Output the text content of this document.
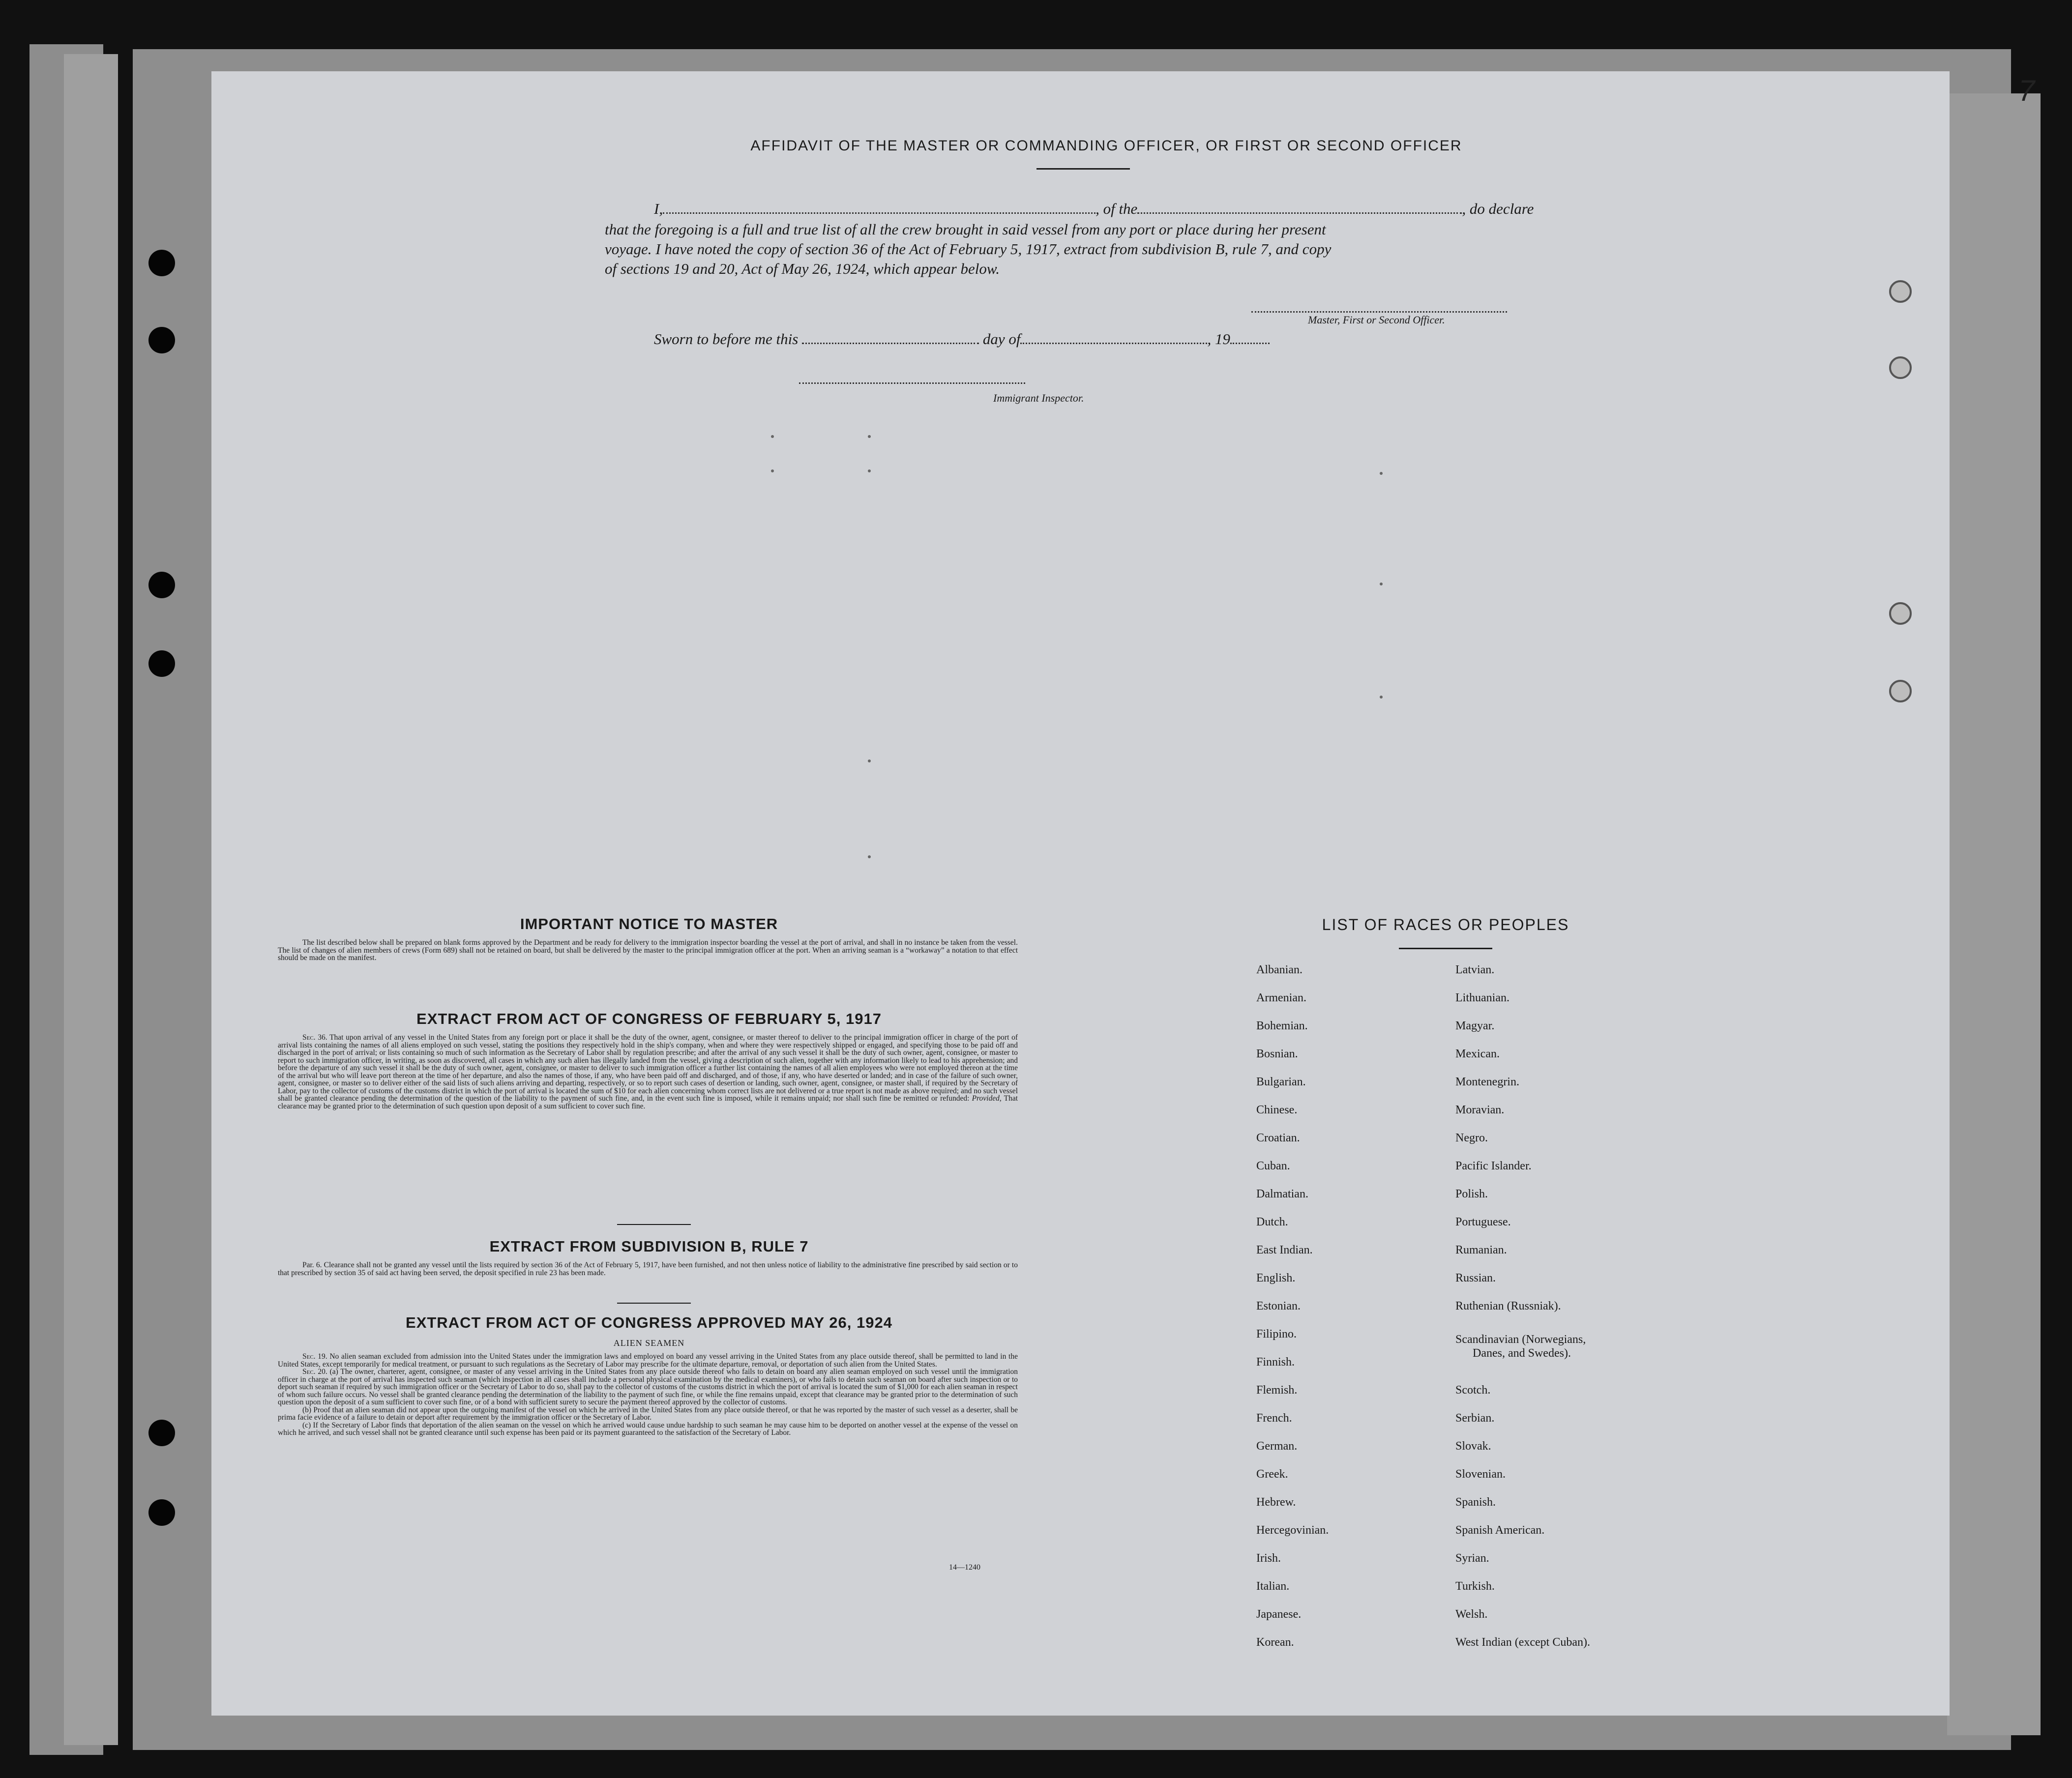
7
AFFIDAVIT OF THE MASTER OR COMMANDING OFFICER, OR FIRST OR SECOND OFFICER
I,	, of the	, do declare
that the foregoing is a full and true list of all the crew brought in said vessel from any port or place during her present
voyage. I have noted the copy of section 36 of the Act of February 5, 1917, extract from subdivision B, rule 7, and copy
of sections 19 and 20, Act of May 26, 1924, which appear below.
Master, First or Second Officer.
Sworn to before me this	day of	, 19
Immigrant Inspector.
IMPORTANT NOTICE TO MASTER
The list described below shall be prepared on blank forms approved by the Department and be ready for delivery to the immigration inspector boarding the vessel at the port of arrival, and shall in no instance be taken from the vessel. The list of changes of alien members of crews (Form 689) shall not be retained on board, but shall be delivered by the master to the principal immigration officer at the port. When an arriving seaman is a “workaway” a notation to that effect should be made on the manifest.
EXTRACT FROM ACT OF CONGRESS OF FEBRUARY 5, 1917
Sec. 36. That upon arrival of any vessel in the United States from any foreign port or place it shall be the duty of the owner, agent, consignee, or master thereof to deliver to the principal immigration officer in charge of the port of arrival lists containing the names of all aliens employed on such vessel, stating the positions they respectively hold in the ship's company, when and where they were respectively shipped or engaged, and specifying those to be paid off and discharged in the port of arrival; or lists containing so much of such information as the Secretary of Labor shall by regulation prescribe; and after the arrival of any such vessel it shall be the duty of such owner, agent, consignee, or master to report to such immigration officer, in writing, as soon as discovered, all cases in which any such alien has illegally landed from the vessel, giving a description of such alien, together with any information likely to lead to his apprehension; and before the departure of any such vessel it shall be the duty of such owner, agent, consignee, or master to deliver to such immigration officer a further list containing the names of all alien employees who were not employed thereon at the time of the arrival but who will leave port thereon at the time of her departure, and also the names of those, if any, who have been paid off and discharged, and of those, if any, who have deserted or landed; and in case of the failure of such owner, agent, consignee, or master so to deliver either of the said lists of such aliens arriving and departing, respectively, or so to report such cases of desertion or landing, such owner, agent, consignee, or master shall, if required by the Secretary of Labor, pay to the collector of customs of the customs district in which the port of arrival is located the sum of $10 for each alien concerning whom correct lists are not delivered or a true report is not made as above required; and no such vessel shall be granted clearance pending the determination of the question of the liability to the payment of such fine, and, in the event such fine is imposed, while it remains unpaid; nor shall such fine be remitted or refunded: Provided, That clearance may be granted prior to the determination of such question upon deposit of a sum sufficient to cover such fine.
EXTRACT FROM SUBDIVISION B, RULE 7
Par. 6. Clearance shall not be granted any vessel until the lists required by section 36 of the Act of February 5, 1917, have been furnished, and not then unless notice of liability to the administrative fine prescribed by said section or to that prescribed by section 35 of said act having been served, the deposit specified in rule 23 has been made.
EXTRACT FROM ACT OF CONGRESS APPROVED MAY 26, 1924
ALIEN SEAMEN
Sec. 19. No alien seaman excluded from admission into the United States under the immigration laws and employed on board any vessel arriving in the United States from any place outside thereof, shall be permitted to land in the United States, except temporarily for medical treatment, or pursuant to such regulations as the Secretary of Labor may prescribe for the ultimate departure, removal, or deportation of such alien from the United States.
Sec. 20. (a) The owner, charterer, agent, consignee, or master of any vessel arriving in the United States from any place outside thereof who fails to detain on board any alien seaman employed on such vessel until the immigration officer in charge at the port of arrival has inspected such seaman (which inspection in all cases shall include a personal physical examination by the medical examiners), or who fails to detain such seaman on board after such inspection or to deport such seaman if required by such immigration officer or the Secretary of Labor to do so, shall pay to the collector of customs of the customs district in which the port of arrival is located the sum of $1,000 for each alien seaman in respect of whom such failure occurs. No vessel shall be granted clearance pending the determination of the liability to the payment of such fine, or while the fine remains unpaid, except that clearance may be granted prior to the determination of such question upon the deposit of a sum sufficient to cover such fine, or of a bond with sufficient surety to secure the payment thereof approved by the collector of customs.
(b) Proof that an alien seaman did not appear upon the outgoing manifest of the vessel on which he arrived in the United States from any place outside thereof, or that he was reported by the master of such vessel as a deserter, shall be prima facie evidence of a failure to detain or deport after requirement by the immigration officer or the Secretary of Labor.
(c) If the Secretary of Labor finds that deportation of the alien seaman on the vessel on which he arrived would cause undue hardship to such seaman he may cause him to be deported on another vessel at the expense of the vessel on which he arrived, and such vessel shall not be granted clearance until such expense has been paid or its payment guaranteed to the satisfaction of the Secretary of Labor.
14—1240
LIST OF RACES OR PEOPLES
Albanian.
Armenian.
Bohemian.
Bosnian.
Bulgarian.
Chinese.
Croatian.
Cuban.
Dalmatian.
Dutch.
East Indian.
English.
Estonian.
Filipino.
Finnish.
Flemish.
French.
German.
Greek.
Hebrew.
Hercegovinian.
Irish.
Italian.
Japanese.
Korean.
Latvian.
Lithuanian.
Magyar.
Mexican.
Montenegrin.
Moravian.
Negro.
Pacific Islander.
Polish.
Portuguese.
Rumanian.
Russian.
Ruthenian (Russniak).
Scandinavian (Norwegians,
Danes, and Swedes).
Scotch.
Serbian.
Slovak.
Slovenian.
Spanish.
Spanish American.
Syrian.
Turkish.
Welsh.
West Indian (except Cuban).
